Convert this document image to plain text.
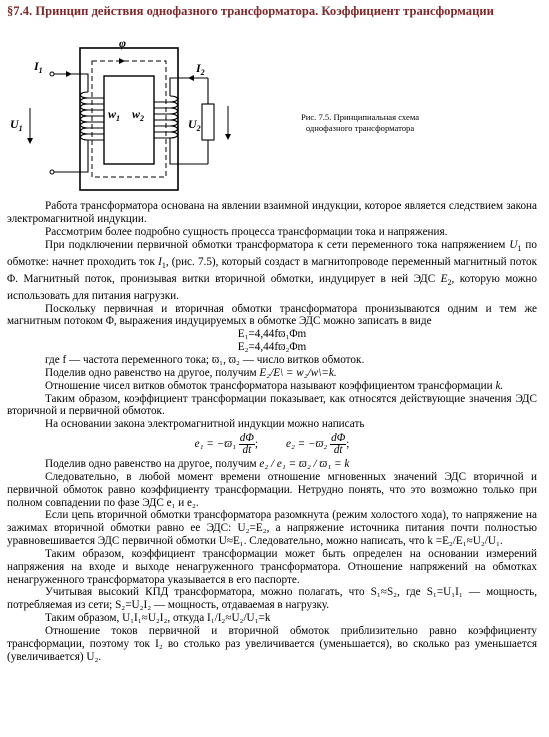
§7.4. Принцип действия однофазного трансформатора. Коэффициент трансформации
φ
$I_1$	$I_2$
$U_1$	$U_2$
$w_1$ $w_2$	Рис. 7.5. Принципиальная схема однофазного трансформатора

Работа трансформатора основана на явлении взаимной индукции, которое является следствием закона электромагнитной индукции.

Рассмотрим более подробно сущность процесса трансформации тока и напряжения.

При подключении первичной обмотки трансформатора к сети переменного тока напряжением $U_1$ по обмотке: начнет проходить ток $I_1$, (рис. 7.5), который создаст в магнитопроводе переменный магнитный поток Φ. Магнитный поток, пронизывая витки вторичной обмотки, индуцирует в ней ЭДС $E_2$, которую можно использовать для питания нагрузки.

Поскольку первичная и вторичная обмотки трансформатора пронизываются одним и тем же магнитным потоком Φ, выражения индуцируемых в обмотке ЭДС можно записать в виде

E₁=4,44fϖ₁Φm

E₂=4,44fϖ₂Φm

где f — частота переменного тока; ϖ₁, ϖ₂ — число витков обмоток.

Поделив одно равенство на другое, получим E₂/E\ = w₂/w\=k.

Отношение чисел витков обмоток трансформатора называют коэффициентом трансформации k.

Таким образом, коэффициент трансформации показывает, как относятся действующие значения ЭДС вторичной и первичной обмоток.

На основании закона электромагнитной индукции можно написать

$e_1 = -ϖ_1 \frac{d\Phi}{dt}$ ; $e_2 = -ϖ_2 \frac{d\Phi}{dt}$ ;

Поделив одно равенство на другое, получим e₂ / e₁ = ϖ₂ / ϖ₁ = k

Следовательно, в любой момент времени отношение мгновенных значений ЭДС вторичной и первичной обмоток равно коэффициенту трансформации. Нетрудно понять, что это возможно только при полном совпадении по фазе ЭДС e₁ и e₂.

Если цепь вторичной обмотки трансформатора разомкнута (режим холостого хода), то напряжение на зажимах вторичной обмотки равно ее ЭДС: U₂=E₂, а напряжение источника питания почти полностью уравновешивается ЭДС первичной обмотки U≈E₁. Следовательно, можно написать, что k =E₂/E₁≈U₂/U₁.

Таким образом, коэффициент трансформации может быть определен на основании измерений напряжения на входе и выходе ненагруженного трансформатора. Отношение напряжений на обмотках ненагруженного трансформатора указывается в его паспорте.

Учитывая высокий КПД трансформатора, можно полагать, что S₁≈S₂, где S₁=U₁I₁ — мощность, потребляемая из сети; S₂=U₂I₂ — мощность, отдаваемая в нагрузку.

Таким образом, U₁I₁≈U₂I₂, откуда I₁/I₂≈U₂/U₁=k

Отношение токов первичной и вторичной обмоток приблизительно равно коэффициенту трансформации, поэтому ток I₂ во столько раз увеличивается (уменьшается), во сколько раз уменьшается (увеличивается) U₂.
